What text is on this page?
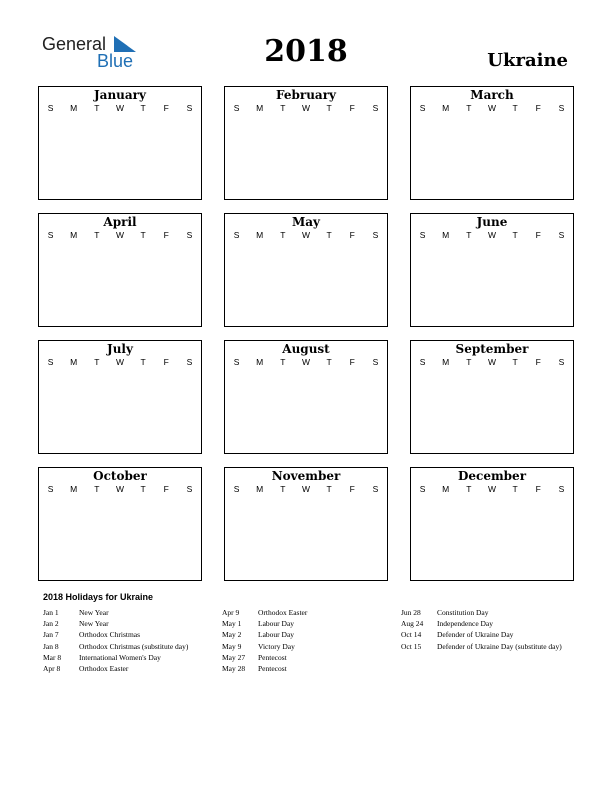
General
Blue	2018	Ukraine
January
S	M	T	W	T	F	S
February
S	M	T	W	T	F	S
March
S	M	T	W	T	F	S
April
S	M	T	W	T	F	S
May
S	M	T	W	T	F	S
June
S	M	T	W	T	F	S
July
S	M	T	W	T	F	S
August
S	M	T	W	T	F	S
September
S	M	T	W	T	F	S
October
S	M	T	W	T	F	S
November
S	M	T	W	T	F	S
December
S	M	T	W	T	F	S
2018 Holidays for Ukraine
Jan 1	New Year
Jan 2	New Year
Jan 7	Orthodox Christmas
Jan 8	Orthodox Christmas (substitute day)
Mar 8	International Women's Day
Apr 8	Orthodox Easter
Apr 9	Orthodox Easter
May 1	Labour Day
May 2	Labour Day
May 9	Victory Day
May 27	Pentecost
May 28	Pentecost
Jun 28	Constitution Day
Aug 24	Independence Day
Oct 14	Defender of Ukraine Day
Oct 15	Defender of Ukraine Day (substitute day)
